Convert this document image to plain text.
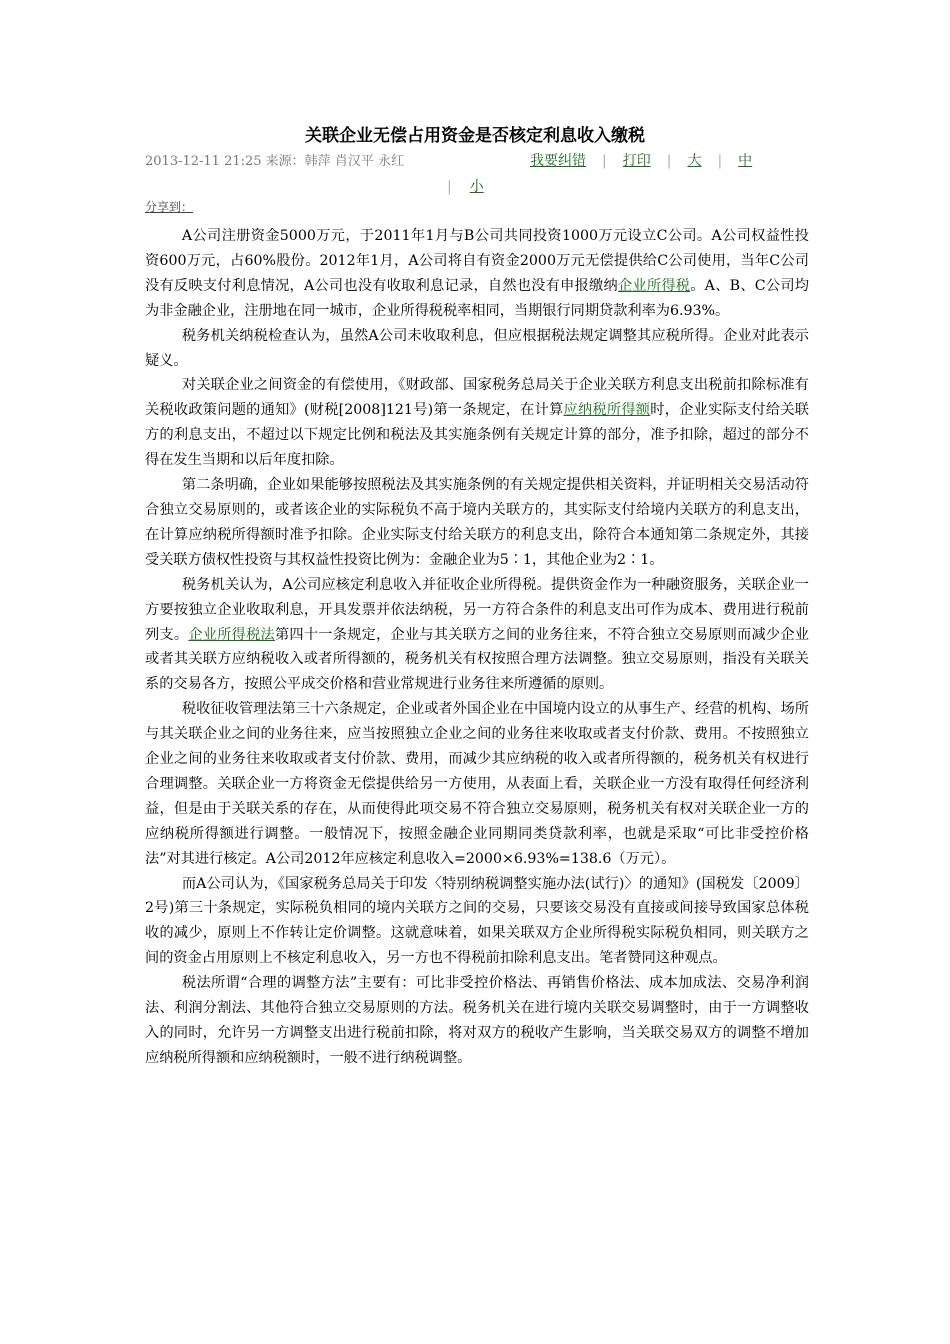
关联企业无偿占用资金是否核定利息收入缴税
2013-12-11 21:25 来源：韩萍 肖汉平 永红	我要纠错 | 打印 | 大 | 中
| 小
分享到：

A公司注册资金5000万元，于2011年1月与B公司共同投资1000万元设立C公司。A公司权益性投资600万元，占60%股份。2012年1月，A公司将自有资金2000万元无偿提供给C公司使用，当年C公司没有反映支付利息情况，A公司也没有收取利息记录，自然也没有申报缴纳企业所得税。A、B、C公司均为非金融企业，注册地在同一城市，企业所得税税率相同，当期银行同期贷款利率为6.93%。

税务机关纳税检查认为，虽然A公司未收取利息，但应根据税法规定调整其应税所得。企业对此表示疑义。

对关联企业之间资金的有偿使用，《财政部、国家税务总局关于企业关联方利息支出税前扣除标准有关税收政策问题的通知》(财税[2008]121号)第一条规定，在计算应纳税所得额时，企业实际支付给关联方的利息支出，不超过以下规定比例和税法及其实施条例有关规定计算的部分，准予扣除，超过的部分不得在发生当期和以后年度扣除。

第二条明确，企业如果能够按照税法及其实施条例的有关规定提供相关资料，并证明相关交易活动符合独立交易原则的，或者该企业的实际税负不高于境内关联方的，其实际支付给境内关联方的利息支出，在计算应纳税所得额时准予扣除。企业实际支付给关联方的利息支出，除符合本通知第二条规定外，其接受关联方债权性投资与其权益性投资比例为：金融企业为5∶1，其他企业为2∶1。

税务机关认为，A公司应核定利息收入并征收企业所得税。提供资金作为一种融资服务，关联企业一方要按独立企业收取利息，开具发票并依法纳税，另一方符合条件的利息支出可作为成本、费用进行税前列支。企业所得税法第四十一条规定，企业与其关联方之间的业务往来，不符合独立交易原则而减少企业或者其关联方应纳税收入或者所得额的，税务机关有权按照合理方法调整。独立交易原则，指没有关联关系的交易各方，按照公平成交价格和营业常规进行业务往来所遵循的原则。

税收征收管理法第三十六条规定，企业或者外国企业在中国境内设立的从事生产、经营的机构、场所与其关联企业之间的业务往来，应当按照独立企业之间的业务往来收取或者支付价款、费用。不按照独立企业之间的业务往来收取或者支付价款、费用，而减少其应纳税的收入或者所得额的，税务机关有权进行合理调整。关联企业一方将资金无偿提供给另一方使用，从表面上看，关联企业一方没有取得任何经济利益，但是由于关联关系的存在，从而使得此项交易不符合独立交易原则，税务机关有权对关联企业一方的应纳税所得额进行调整。一般情况下，按照金融企业同期同类贷款利率，也就是采取“可比非受控价格法”对其进行核定。A公司2012年应核定利息收入=2000×6.93%=138.6（万元）。

而A公司认为，《国家税务总局关于印发〈特别纳税调整实施办法(试行)〉的通知》(国税发〔2009〕2号)第三十条规定，实际税负相同的境内关联方之间的交易，只要该交易没有直接或间接导致国家总体税收的减少，原则上不作转让定价调整。这就意味着，如果关联双方企业所得税实际税负相同，则关联方之间的资金占用原则上不核定利息收入，另一方也不得税前扣除利息支出。笔者赞同这种观点。

税法所谓“合理的调整方法”主要有：可比非受控价格法、再销售价格法、成本加成法、交易净利润法、利润分割法、其他符合独立交易原则的方法。税务机关在进行境内关联交易调整时，由于一方调整收入的同时，允许另一方调整支出进行税前扣除，将对双方的税收产生影响，当关联交易双方的调整不增加应纳税所得额和应纳税额时，一般不进行纳税调整。
